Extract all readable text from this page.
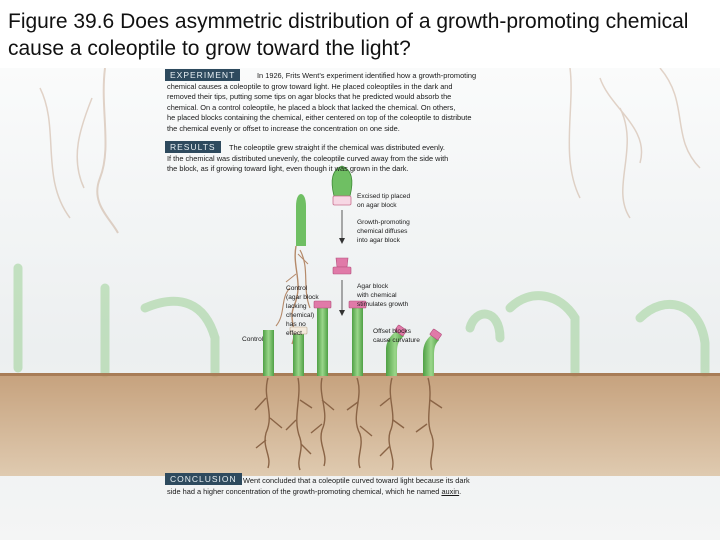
Figure 39.6 Does asymmetric distribution of a growth-promoting chemical cause a coleoptile to grow toward the light?
EXPERIMENT	In 1926, Frits Went’s experiment identified how a growth-promoting
chemical causes a coleoptile to grow toward light. He placed coleoptiles in the dark and
removed their tips, putting some tips on agar blocks that he predicted would absorb the
chemical. On a control coleoptile, he placed a block that lacked the chemical. On others,
he placed blocks containing the chemical, either centered on top of the coleoptile to distribute
the chemical evenly or offset to increase the concentration on one side.
RESULTS	The coleoptile grew straight if the chemical was distributed evenly.
If the chemical was distributed unevenly, the coleoptile curved away from the side with
the block, as if growing toward light, even though it was grown in the dark.
Excised tip placed
on agar block
Growth-promoting
chemical diffuses
into agar block
Control
(agar block
lacking
chemical)
has no
effect
Control
Agar block
with chemical
stimulates growth
Offset blocks
cause curvature
CONCLUSION Went concluded that a coleoptile curved toward light because its dark
side had a higher concentration of the growth-promoting chemical, which he named auxin.
